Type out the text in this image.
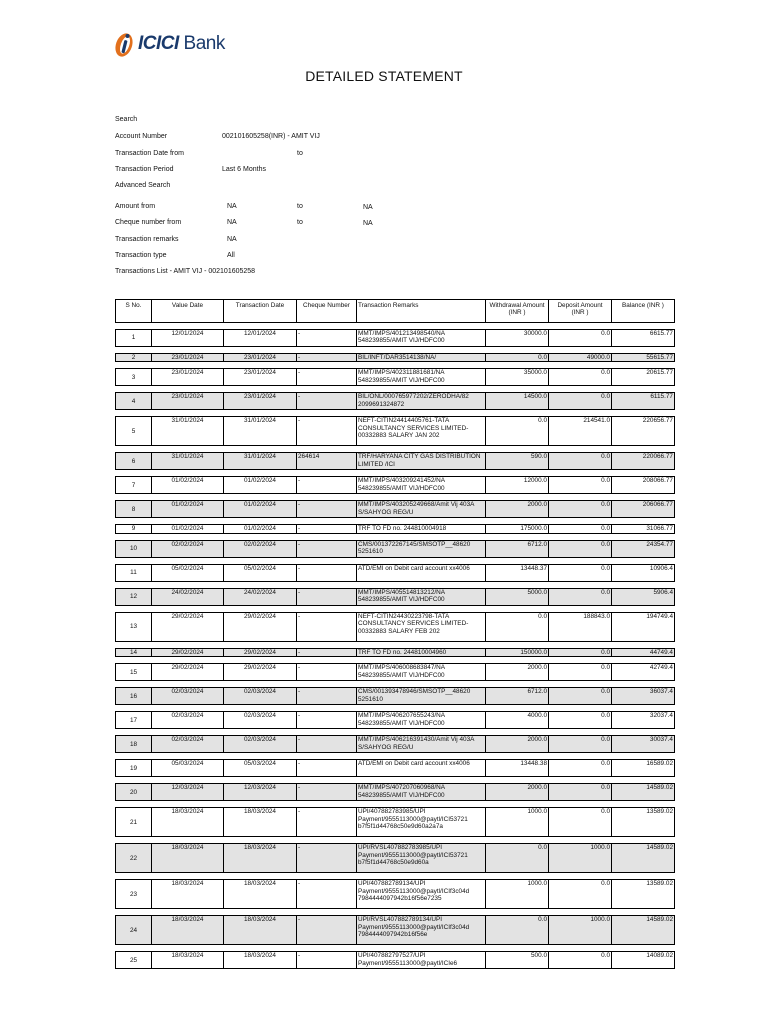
ICICI Bank
DETAILED STATEMENT
Search
Account Number	002101605258(INR) - AMIT VIJ
Transaction Date from	to
Transaction Period	Last 6 Months
Advanced Search
Amount from	NA	to	NA
Cheque number from	NA	to	NA
Transaction remarks	NA
Transaction type	All
Transactions List - AMIT VIJ - 002101605258
S No.	Value Date	Transaction Date	Cheque Number	Transaction Remarks	Withdrawal Amount (INR )	Deposit Amount (INR )	Balance (INR )

1	12/01/2024	12/01/2024	-	MMT/IMPS/401213498540/NA 548239855/AMIT VIJ/HDFC00	30000.0	0.0	6615.77

2	23/01/2024	23/01/2024	-	BIL/INFT/DAR3514138/NA/	0.0	49000.0	55615.77

3	23/01/2024	23/01/2024	-	MMT/IMPS/402311881681/NA 548239855/AMIT VIJ/HDFC00	35000.0	0.0	20615.77

4	23/01/2024	23/01/2024	-	BIL/ONL/000765977202/ZERODHA/82 2099691324872	14500.0	0.0	6115.77

5	31/01/2024	31/01/2024	-	NEFT-CITIN24414405761-TATA CONSULTANCY SERVICES LIMITED-00332883 SALARY JAN 202	0.0	214541.0	220656.77

6	31/01/2024	31/01/2024	264614	TRF/HARYANA CITY GAS DISTRIBUTION LIMITED /ICI	590.0	0.0	220066.77

7	01/02/2024	01/02/2024	-	MMT/IMPS/403209241452/NA 548239855/AMIT VIJ/HDFC00	12000.0	0.0	208066.77

8	01/02/2024	01/02/2024	-	MMT/IMPS/403205249668/Amit Vij 403A S/SAHYOG REG/U	2000.0	0.0	206066.77

9	01/02/2024	01/02/2024	-	TRF TO FD no. 244810004918	175000.0	0.0	31066.77

10	02/02/2024	02/02/2024	-	CMS/001372267145/SMSOTP__48620 5251610	6712.0	0.0	24354.77

11	05/02/2024	05/02/2024	-	ATD/EMI on Debit card account xx4006	13448.37	0.0	10906.4

12	24/02/2024	24/02/2024	-	MMT/IMPS/405514813212/NA 548239855/AMIT VIJ/HDFC00	5000.0	0.0	5906.4

13	29/02/2024	29/02/2024	-	NEFT-CITIN24430223798-TATA CONSULTANCY SERVICES LIMITED-00332883 SALARY FEB 202	0.0	188843.0	194749.4

14	29/02/2024	29/02/2024	-	TRF TO FD no. 244810004960	150000.0	0.0	44749.4

15	29/02/2024	29/02/2024	-	MMT/IMPS/406008683847/NA 548239855/AMIT VIJ/HDFC00	2000.0	0.0	42749.4

16	02/03/2024	02/03/2024	-	CMS/001393478946/SMSOTP__48620 5251610	6712.0	0.0	36037.4

17	02/03/2024	02/03/2024	-	MMT/IMPS/406207655243/NA 548239855/AMIT VIJ/HDFC00	4000.0	0.0	32037.4

18	02/03/2024	02/03/2024	-	MMT/IMPS/406216391430/Amit Vij 403A S/SAHYOG REG/U	2000.0	0.0	30037.4

19	05/03/2024	05/03/2024	-	ATD/EMI on Debit card account xx4006	13448.38	0.0	16589.02

20	12/03/2024	12/03/2024	-	MMT/IMPS/407207060968/NA 548239855/AMIT VIJ/HDFC00	2000.0	0.0	14589.02

21	18/03/2024	18/03/2024	-	UPI/407882783985/UPI Payment/9555113000@paytl/ICI53721 b7f5f1d44768c50e9d60a2a7a	1000.0	0.0	13589.02

22	18/03/2024	18/03/2024	-	UPI/RVSL407882783985/UPI Payment/9555113000@paytl/ICI53721 b7f5f1d44768c50e9d60a	0.0	1000.0	14589.02

23	18/03/2024	18/03/2024	-	UPI/407882789134/UPI Payment/9555113000@paytl/ICIf3c04d 7984444097942b16f56e7235	1000.0	0.0	13589.02

24	18/03/2024	18/03/2024	-	UPI/RVSL407882789134/UPI Payment/9555113000@paytl/ICIf3c04d 7984444097942b16f56e	0.0	1000.0	14589.02

25	18/03/2024	18/03/2024	-	UPI/407882797527/UPI Payment/9555113000@paytl/ICIe6	500.0	0.0	14089.02
